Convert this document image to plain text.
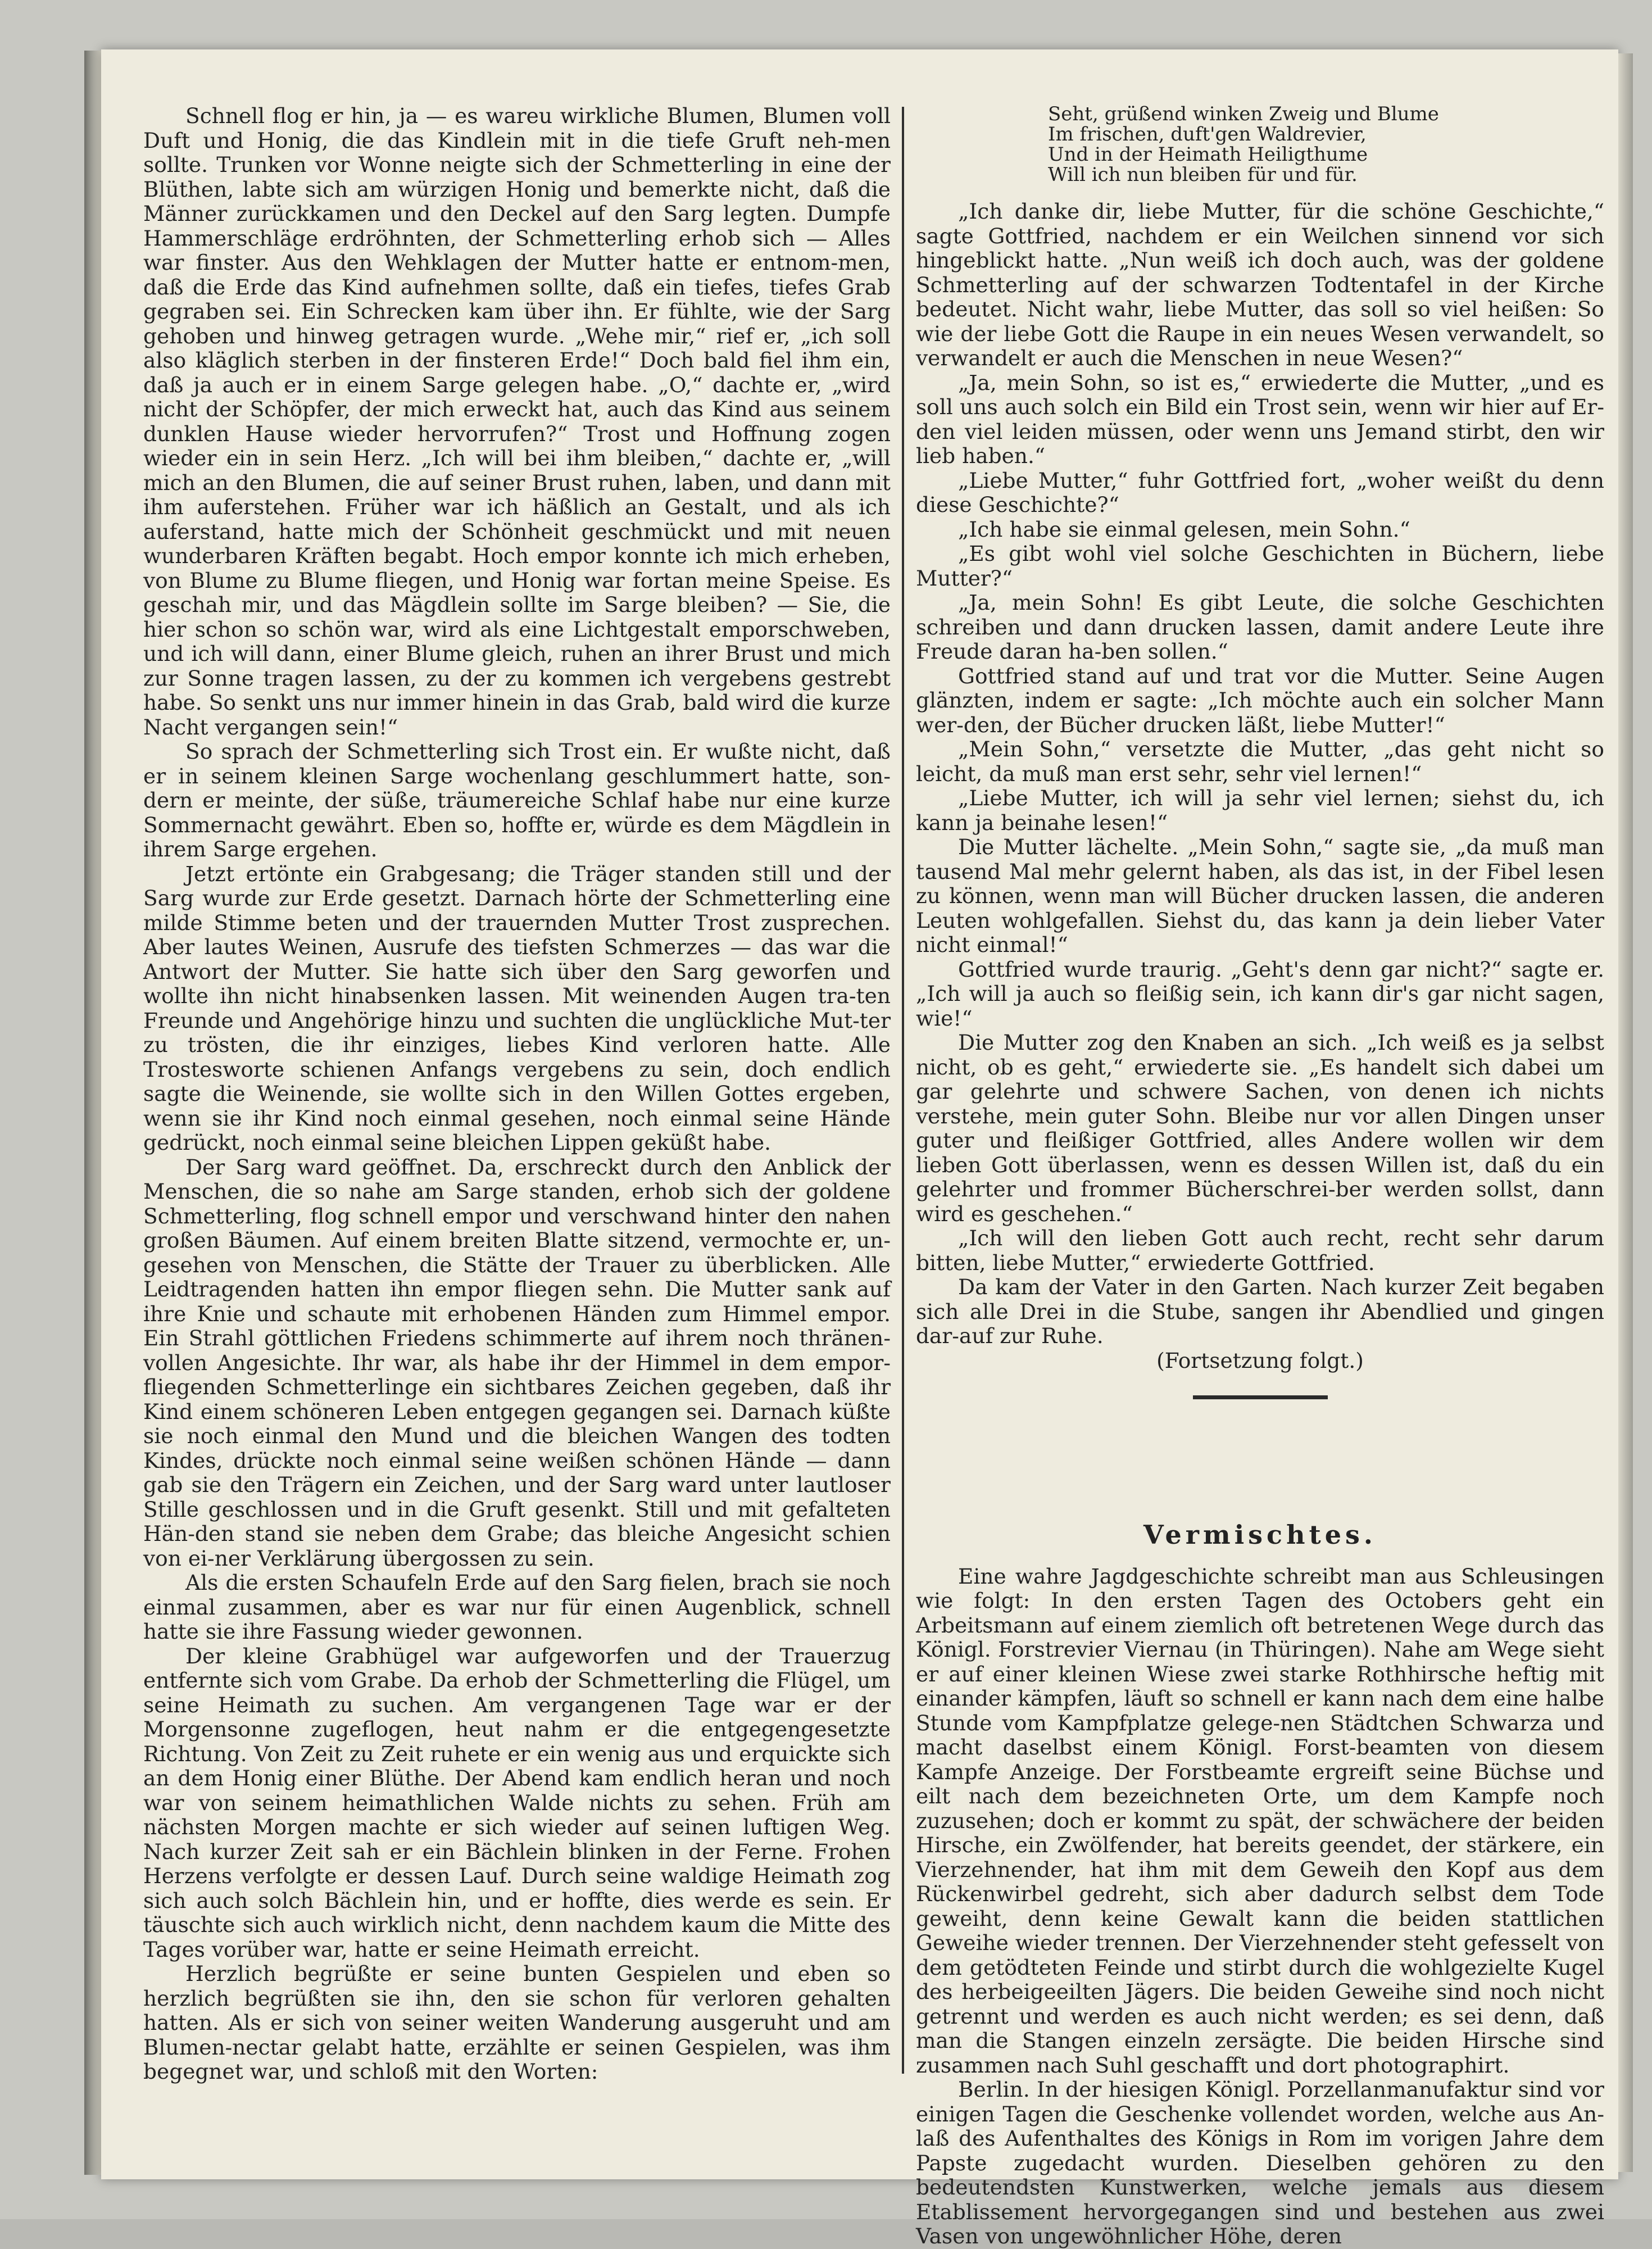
Schnell flog er hin, ja — es wareu wirkliche Blumen, Blumen voll Duft und Honig, die das Kindlein mit in die tiefe Gruft neh-men sollte. Trunken vor Wonne neigte sich der Schmetterling in eine der Blüthen, labte sich am würzigen Honig und bemerkte nicht, daß die Männer zurückkamen und den Deckel auf den Sarg legten. Dumpfe Hammerschläge erdröhnten, der Schmetterling erhob sich — Alles war finster. Aus den Wehklagen der Mutter hatte er entnom-men, daß die Erde das Kind aufnehmen sollte, daß ein tiefes, tiefes Grab gegraben sei. Ein Schrecken kam über ihn. Er fühlte, wie der Sarg gehoben und hinweg getragen wurde. „Wehe mir,“ rief er, „ich soll also kläglich sterben in der finsteren Erde!“ Doch bald fiel ihm ein, daß ja auch er in einem Sarge gelegen habe. „O,“ dachte er, „wird nicht der Schöpfer, der mich erweckt hat, auch das Kind aus seinem dunklen Hause wieder hervorrufen?“ Trost und Hoffnung zogen wieder ein in sein Herz. „Ich will bei ihm bleiben,“ dachte er, „will mich an den Blumen, die auf seiner Brust ruhen, laben, und dann mit ihm auferstehen. Früher war ich häßlich an Gestalt, und als ich auferstand, hatte mich der Schönheit geschmückt und mit neuen wunderbaren Kräften begabt. Hoch empor konnte ich mich erheben, von Blume zu Blume fliegen, und Honig war fortan meine Speise. Es geschah mir, und das Mägdlein sollte im Sarge bleiben? — Sie, die hier schon so schön war, wird als eine Lichtgestalt emporschweben, und ich will dann, einer Blume gleich, ruhen an ihrer Brust und mich zur Sonne tragen lassen, zu der zu kommen ich vergebens gestrebt habe. So senkt uns nur immer hinein in das Grab, bald wird die kurze Nacht vergangen sein!“

So sprach der Schmetterling sich Trost ein. Er wußte nicht, daß er in seinem kleinen Sarge wochenlang geschlummert hatte, son-dern er meinte, der süße, träumereiche Schlaf habe nur eine kurze Sommernacht gewährt. Eben so, hoffte er, würde es dem Mägdlein in ihrem Sarge ergehen.

Jetzt ertönte ein Grabgesang; die Träger standen still und der Sarg wurde zur Erde gesetzt. Darnach hörte der Schmetterling eine milde Stimme beten und der trauernden Mutter Trost zusprechen. Aber lautes Weinen, Ausrufe des tiefsten Schmerzes — das war die Antwort der Mutter. Sie hatte sich über den Sarg geworfen und wollte ihn nicht hinabsenken lassen. Mit weinenden Augen tra-ten Freunde und Angehörige hinzu und suchten die unglückliche Mut-ter zu trösten, die ihr einziges, liebes Kind verloren hatte. Alle Trostesworte schienen Anfangs vergebens zu sein, doch endlich sagte die Weinende, sie wollte sich in den Willen Gottes ergeben, wenn sie ihr Kind noch einmal gesehen, noch einmal seine Hände gedrückt, noch einmal seine bleichen Lippen geküßt habe.

Der Sarg ward geöffnet. Da, erschreckt durch den Anblick der Menschen, die so nahe am Sarge standen, erhob sich der goldene Schmetterling, flog schnell empor und verschwand hinter den nahen großen Bäumen. Auf einem breiten Blatte sitzend, vermochte er, un-gesehen von Menschen, die Stätte der Trauer zu überblicken. Alle Leidtragenden hatten ihn empor fliegen sehn. Die Mutter sank auf ihre Knie und schaute mit erhobenen Händen zum Himmel empor. Ein Strahl göttlichen Friedens schimmerte auf ihrem noch thränen-vollen Angesichte. Ihr war, als habe ihr der Himmel in dem empor-fliegenden Schmetterlinge ein sichtbares Zeichen gegeben, daß ihr Kind einem schöneren Leben entgegen gegangen sei. Darnach küßte sie noch einmal den Mund und die bleichen Wangen des todten Kindes, drückte noch einmal seine weißen schönen Hände — dann gab sie den Trägern ein Zeichen, und der Sarg ward unter lautloser Stille geschlossen und in die Gruft gesenkt. Still und mit gefalteten Hän-den stand sie neben dem Grabe; das bleiche Angesicht schien von ei-ner Verklärung übergossen zu sein.

Als die ersten Schaufeln Erde auf den Sarg fielen, brach sie noch einmal zusammen, aber es war nur für einen Augenblick, schnell hatte sie ihre Fassung wieder gewonnen.

Der kleine Grabhügel war aufgeworfen und der Trauerzug entfernte sich vom Grabe. Da erhob der Schmetterling die Flügel, um seine Heimath zu suchen. Am vergangenen Tage war er der Morgensonne zugeflogen, heut nahm er die entgegengesetzte Richtung. Von Zeit zu Zeit ruhete er ein wenig aus und erquickte sich an dem Honig einer Blüthe. Der Abend kam endlich heran und noch war von seinem heimathlichen Walde nichts zu sehen. Früh am nächsten Morgen machte er sich wieder auf seinen luftigen Weg. Nach kurzer Zeit sah er ein Bächlein blinken in der Ferne. Frohen Herzens verfolgte er dessen Lauf. Durch seine waldige Heimath zog sich auch solch Bächlein hin, und er hoffte, dies werde es sein. Er täuschte sich auch wirklich nicht, denn nachdem kaum die Mitte des Tages vorüber war, hatte er seine Heimath erreicht.

Herzlich begrüßte er seine bunten Gespielen und eben so herzlich begrüßten sie ihn, den sie schon für verloren gehalten hatten. Als er sich von seiner weiten Wanderung ausgeruht und am Blumen-nectar gelabt hatte, erzählte er seinen Gespielen, was ihm begegnet war, und schloß mit den Worten:

Seht, grüßend winken Zweig und Blume
Im frischen, duft'gen Waldrevier,
Und in der Heimath Heiligthume
Will ich nun bleiben für und für.

„Ich danke dir, liebe Mutter, für die schöne Geschichte,“ sagte Gottfried, nachdem er ein Weilchen sinnend vor sich hingeblickt hatte. „Nun weiß ich doch auch, was der goldene Schmetterling auf der schwarzen Todtentafel in der Kirche bedeutet. Nicht wahr, liebe Mutter, das soll so viel heißen: So wie der liebe Gott die Raupe in ein neues Wesen verwandelt, so verwandelt er auch die Menschen in neue Wesen?“

„Ja, mein Sohn, so ist es,“ erwiederte die Mutter, „und es soll uns auch solch ein Bild ein Trost sein, wenn wir hier auf Er-den viel leiden müssen, oder wenn uns Jemand stirbt, den wir lieb haben.“

„Liebe Mutter,“ fuhr Gottfried fort, „woher weißt du denn diese Geschichte?“

„Ich habe sie einmal gelesen, mein Sohn.“

„Es gibt wohl viel solche Geschichten in Büchern, liebe Mutter?“

„Ja, mein Sohn! Es gibt Leute, die solche Geschichten schreiben und dann drucken lassen, damit andere Leute ihre Freude daran ha-ben sollen.“

Gottfried stand auf und trat vor die Mutter. Seine Augen glänzten, indem er sagte: „Ich möchte auch ein solcher Mann wer-den, der Bücher drucken läßt, liebe Mutter!“

„Mein Sohn,“ versetzte die Mutter, „das geht nicht so leicht, da muß man erst sehr, sehr viel lernen!“

„Liebe Mutter, ich will ja sehr viel lernen; siehst du, ich kann ja beinahe lesen!“

Die Mutter lächelte. „Mein Sohn,“ sagte sie, „da muß man tausend Mal mehr gelernt haben, als das ist, in der Fibel lesen zu können, wenn man will Bücher drucken lassen, die anderen Leuten wohlgefallen. Siehst du, das kann ja dein lieber Vater nicht einmal!“

Gottfried wurde traurig. „Geht's denn gar nicht?“ sagte er. „Ich will ja auch so fleißig sein, ich kann dir's gar nicht sagen, wie!“

Die Mutter zog den Knaben an sich. „Ich weiß es ja selbst nicht, ob es geht,“ erwiederte sie. „Es handelt sich dabei um gar gelehrte und schwere Sachen, von denen ich nichts verstehe, mein guter Sohn. Bleibe nur vor allen Dingen unser guter und fleißiger Gottfried, alles Andere wollen wir dem lieben Gott überlassen, wenn es dessen Willen ist, daß du ein gelehrter und frommer Bücherschrei-ber werden sollst, dann wird es geschehen.“

„Ich will den lieben Gott auch recht, recht sehr darum bitten, liebe Mutter,“ erwiederte Gottfried.

Da kam der Vater in den Garten. Nach kurzer Zeit begaben sich alle Drei in die Stube, sangen ihr Abendlied und gingen dar-auf zur Ruhe.

(Fortsetzung folgt.)

Vermischtes.

Eine wahre Jagdgeschichte schreibt man aus Schleusingen wie folgt: In den ersten Tagen des Octobers geht ein Arbeitsmann auf einem ziemlich oft betretenen Wege durch das Königl. Forstrevier Viernau (in Thüringen). Nahe am Wege sieht er auf einer kleinen Wiese zwei starke Rothhirsche heftig mit einander kämpfen, läuft so schnell er kann nach dem eine halbe Stunde vom Kampfplatze gelege-nen Städtchen Schwarza und macht daselbst einem Königl. Forst-beamten von diesem Kampfe Anzeige. Der Forstbeamte ergreift seine Büchse und eilt nach dem bezeichneten Orte, um dem Kampfe noch zuzusehen; doch er kommt zu spät, der schwächere der beiden Hirsche, ein Zwölfender, hat bereits geendet, der stärkere, ein Vierzehnender, hat ihm mit dem Geweih den Kopf aus dem Rückenwirbel gedreht, sich aber dadurch selbst dem Tode geweiht, denn keine Gewalt kann die beiden stattlichen Geweihe wieder trennen. Der Vierzehnender steht gefesselt von dem getödteten Feinde und stirbt durch die wohlgezielte Kugel des herbeigeeilten Jägers. Die beiden Geweihe sind noch nicht getrennt und werden es auch nicht werden; es sei denn, daß man die Stangen einzeln zersägte. Die beiden Hirsche sind zusammen nach Suhl geschafft und dort photographirt.

Berlin. In der hiesigen Königl. Porzellanmanufaktur sind vor einigen Tagen die Geschenke vollendet worden, welche aus An-laß des Aufenthaltes des Königs in Rom im vorigen Jahre dem Papste zugedacht wurden. Dieselben gehören zu den bedeutendsten Kunstwerken, welche jemals aus diesem Etablissement hervorgegangen sind und bestehen aus zwei Vasen von ungewöhnlicher Höhe, deren
